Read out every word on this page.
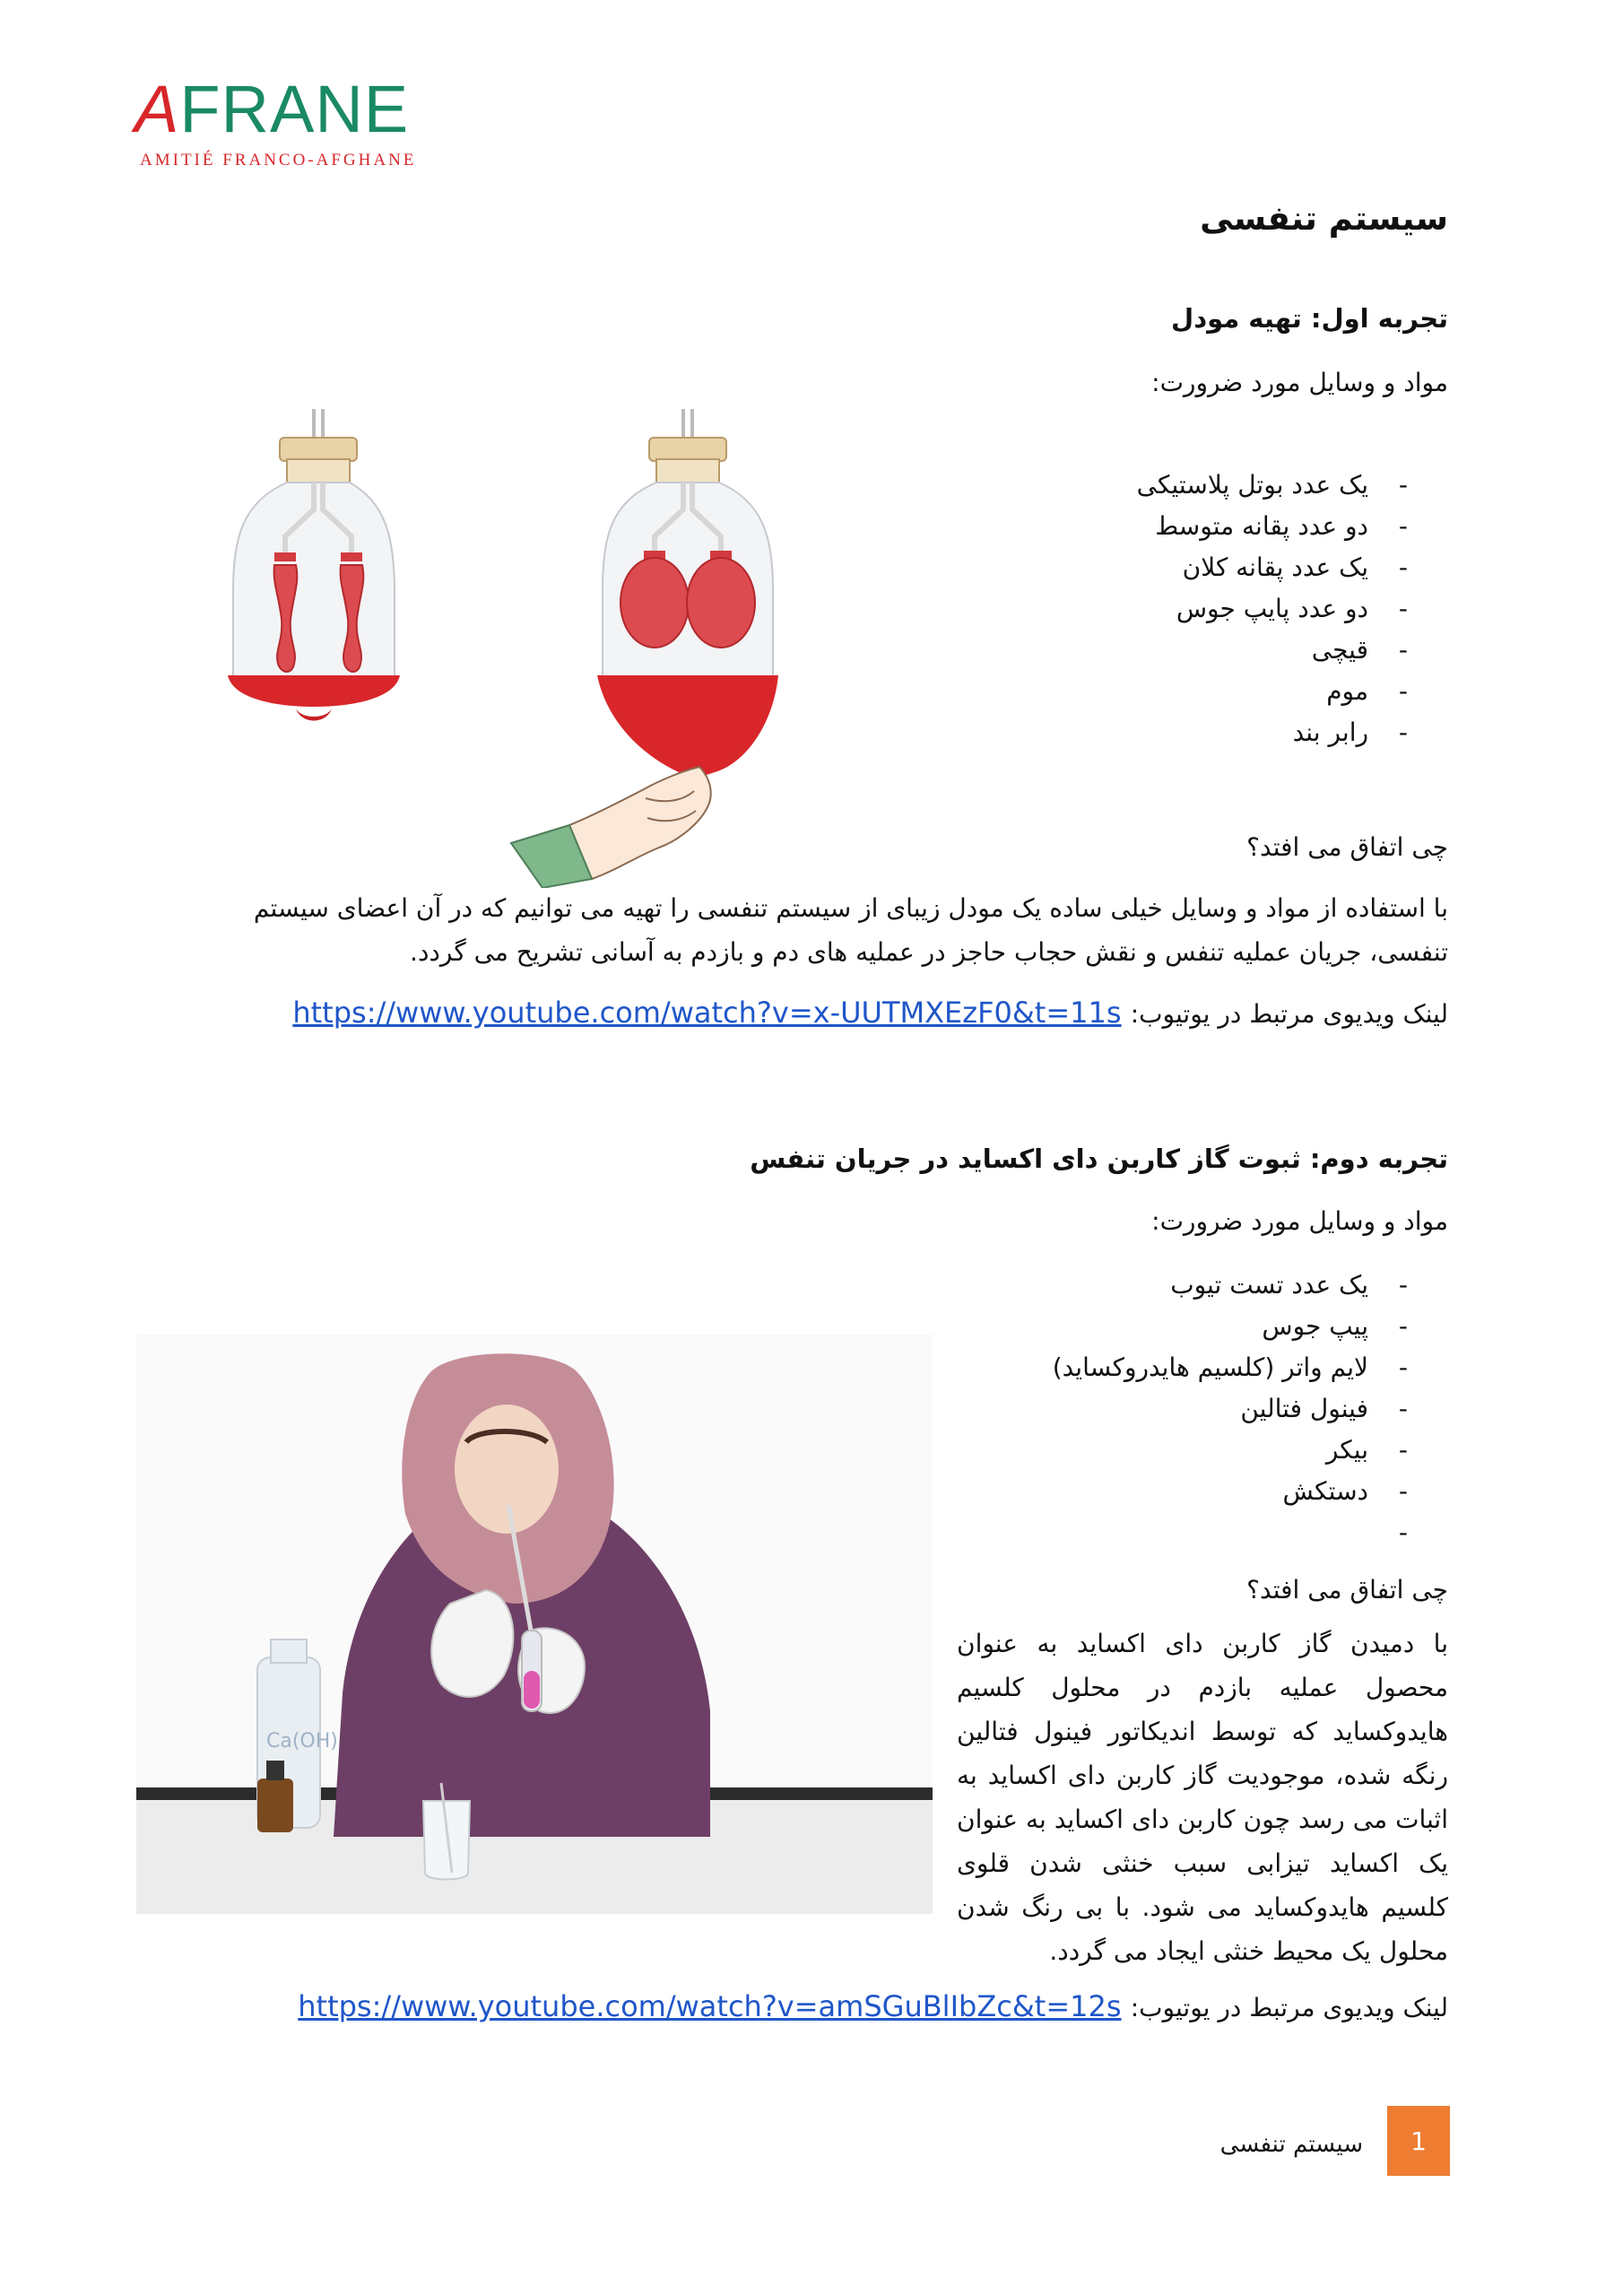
AFRANE
AMITIÉ FRANCO-AFGHANE
سیستم تنفسی
تجربه اول: تهیه مودل
مواد و وسایل مورد ضرورت:
-
یک عدد بوتل پلاستیکی
-
دو عدد پقانه متوسط
-
یک عدد پقانه کلان
-
دو عدد پایپ جوس
-
قیچی
-
موم
-
رابر بند
چی اتفاق می افتد؟
با استفاده از مواد و وسایل خیلی ساده یک مودل زیبای از سیستم تنفسی را تهیه می توانیم که در آن اعضای سیستم تنفسی، جریان عملیه تنفس و نقش حجاب حاجز در عملیه های دم و بازدم به آسانی تشریح می گردد.
لینک ویدیوی مرتبط در یوتیوب: https://www.youtube.com/watch?v=x-UUTMXEzF0&t=11s
تجربه دوم: ثبوت گاز کاربن دای اکساید در جریان تنفس
مواد و وسایل مورد ضرورت:
-
یک عدد تست تیوب
-
پیپ جوس
-
لایم واتر (کلسیم هایدروکساید)
-
فینول فتالین
-
بیکر
-
دستکش
-
Ca(OH)
چی اتفاق می افتد؟
با دمیدن گاز کاربن دای اکساید به عنوان محصول عملیه بازدم در محلول کلسیم هایدوکساید که توسط اندیکاتور فینول فتالین رنگه شده، موجودیت گاز کاربن دای اکساید به اثبات می رسد چون کاربن دای اکساید به عنوان یک اکساید تیزابی سبب خنثی شدن قلوی کلسیم هایدوکساید می شود. با بی رنگ شدن محلول یک محیط خنثی ایجاد می گردد.
لینک ویدیوی مرتبط در یوتیوب: https://www.youtube.com/watch?v=amSGuBlIbZc&t=12s
سیستم تنفسی	1
